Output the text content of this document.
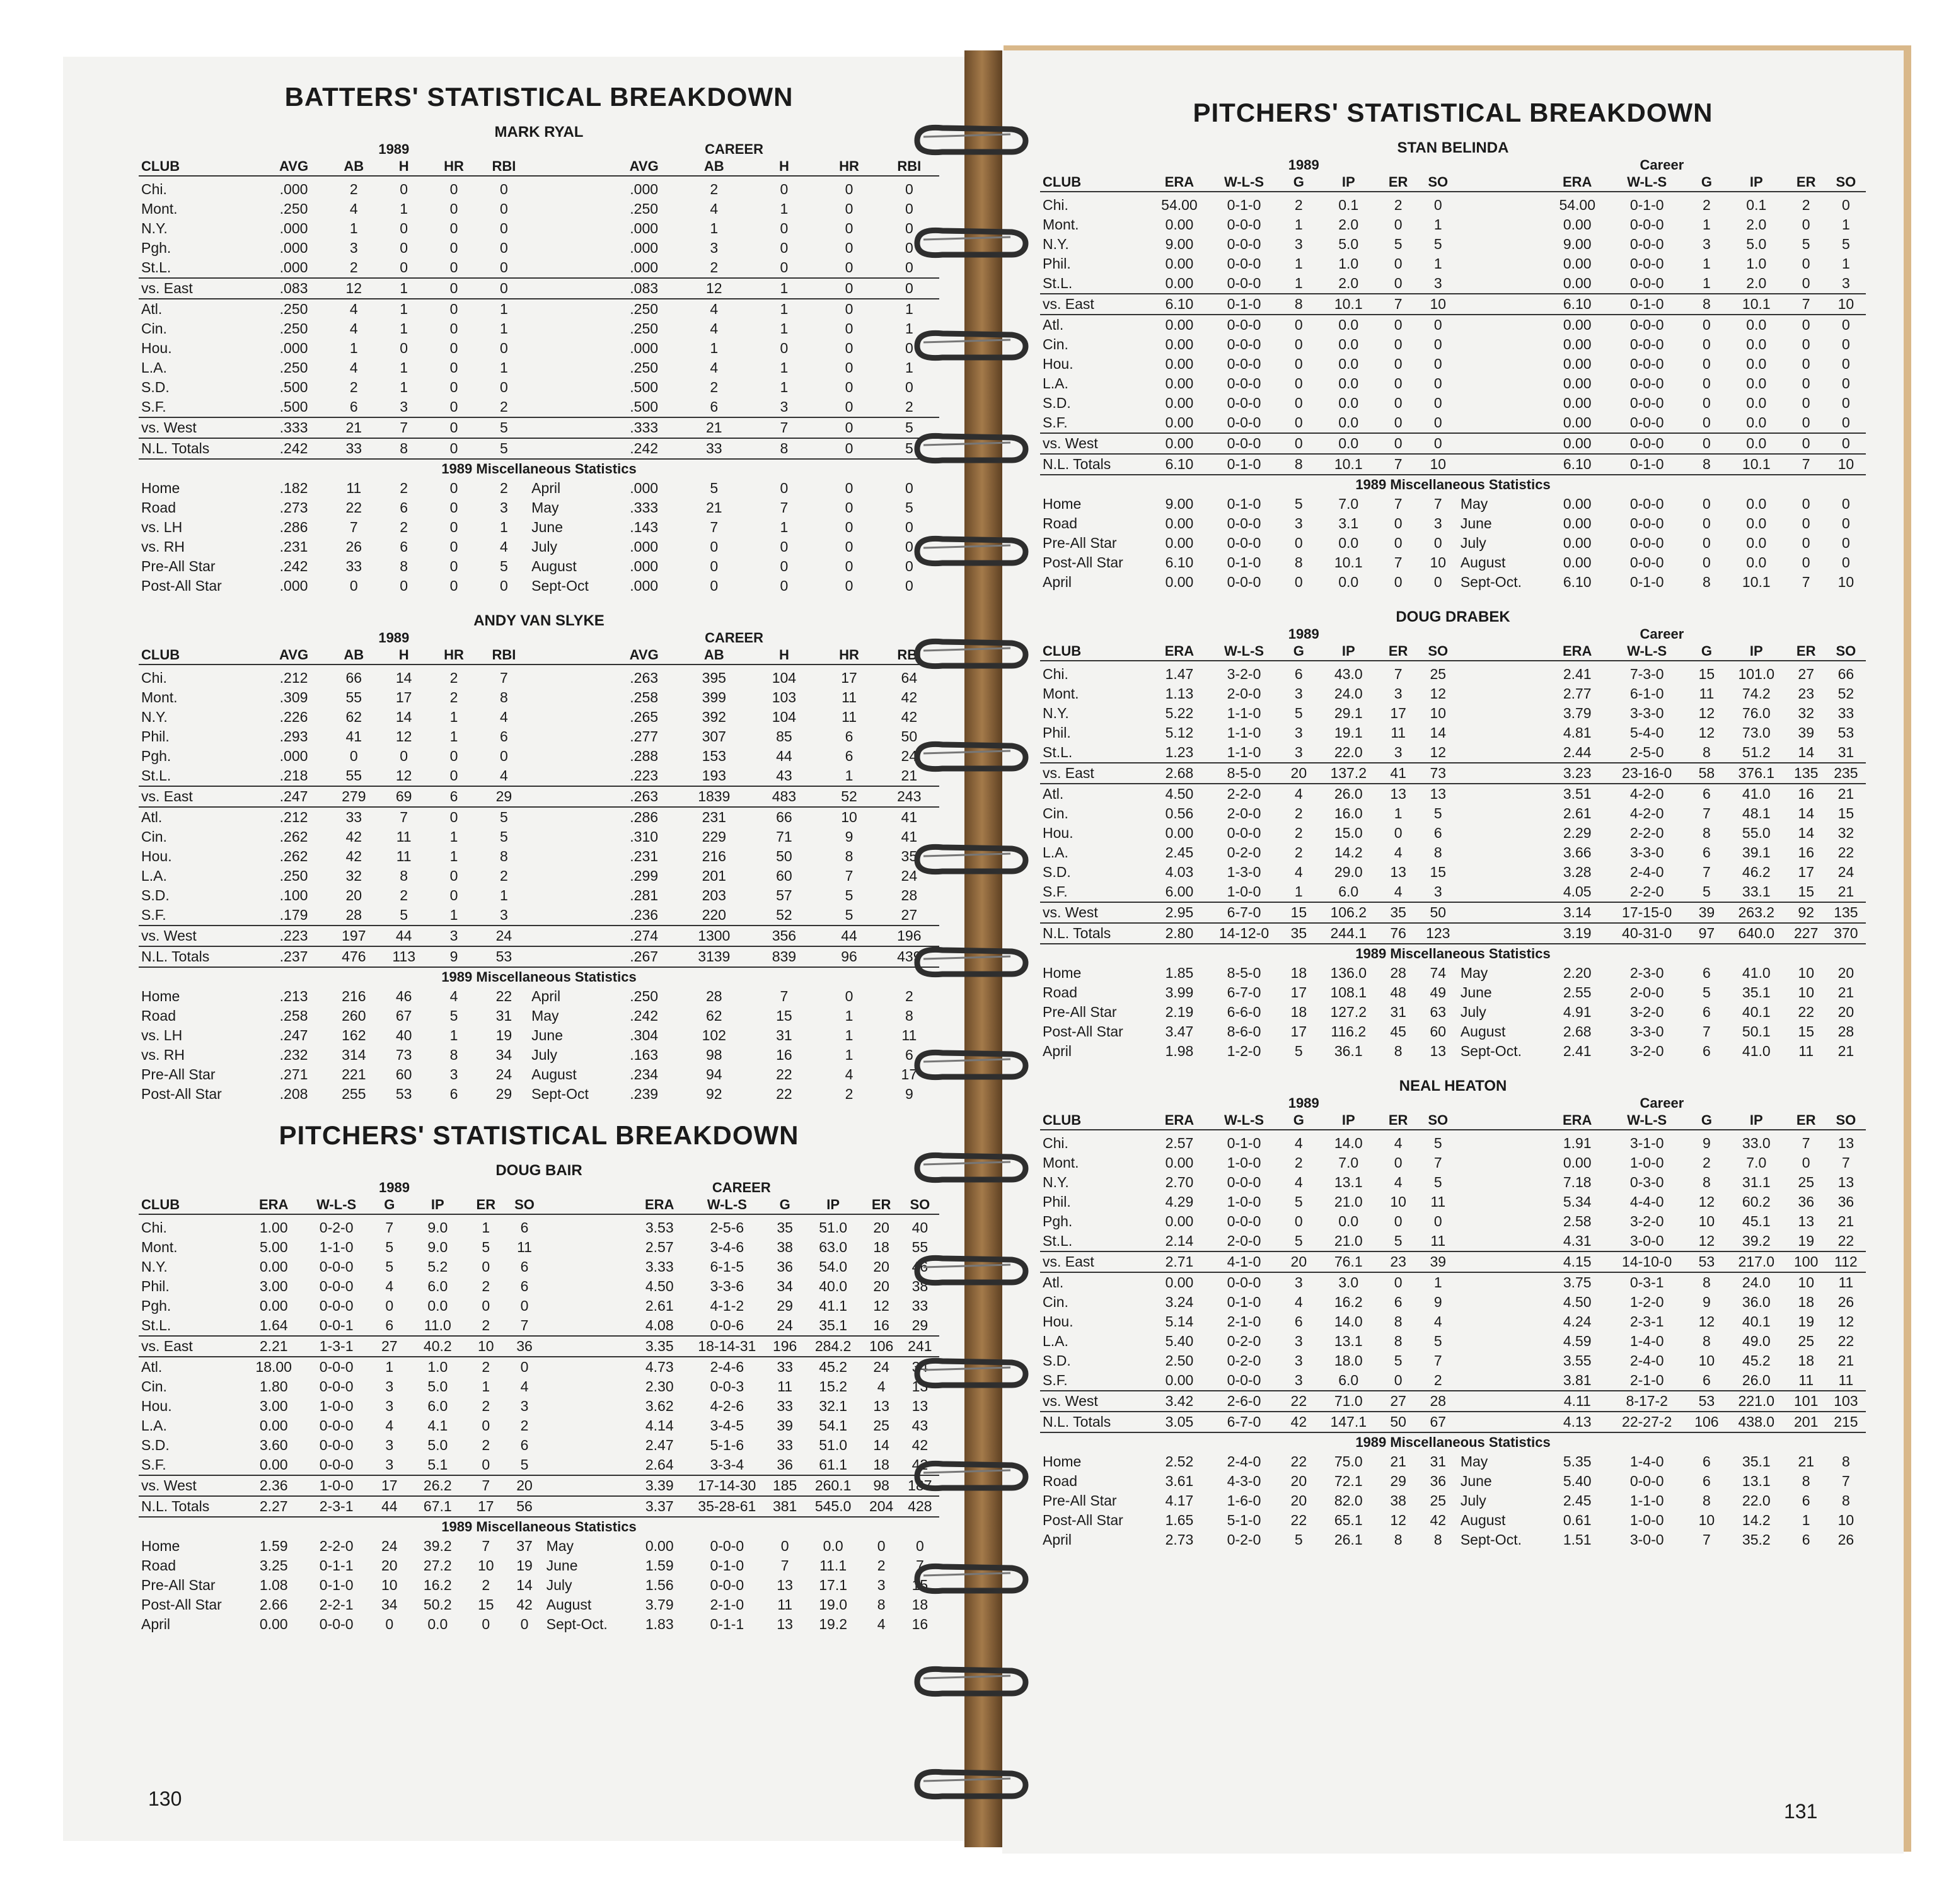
BATTERS' STATISTICAL BREAKDOWN
MARK RYAL
	1989					CAREER					
CLUB	AVG	AB	H	HR	RBI		AVG	AB	H	HR	RBI
Chi.	.000	2	0	0	0		.000	2	0	0	0
Mont.	.250	4	1	0	0		.250	4	1	0	0
N.Y.	.000	1	0	0	0		.000	1	0	0	0
Pgh.	.000	3	0	0	0		.000	3	0	0	0
St.L.	.000	2	0	0	0		.000	2	0	0	0
vs. East	.083	12	1	0	0		.083	12	1	0	0
Atl.	.250	4	1	0	1		.250	4	1	0	1
Cin.	.250	4	1	0	1		.250	4	1	0	1
Hou.	.000	1	0	0	0		.000	1	0	0	0
L.A.	.250	4	1	0	1		.250	4	1	0	1
S.D.	.500	2	1	0	0		.500	2	1	0	0
S.F.	.500	6	3	0	2		.500	6	3	0	2
vs. West	.333	21	7	0	5		.333	21	7	0	5
N.L. Totals	.242	33	8	0	5		.242	33	8	0	5
1989 Miscellaneous Statistics											
Home	.182	11	2	0	2	April	.000	5	0	0	0
Road	.273	22	6	0	3	May	.333	21	7	0	5
vs. LH	.286	7	2	0	1	June	.143	7	1	0	0
vs. RH	.231	26	6	0	4	July	.000	0	0	0	0
Pre-All Star	.242	33	8	0	5	August	.000	0	0	0	0
Post-All Star	.000	0	0	0	0	Sept-Oct	.000	0	0	0	0
ANDY VAN SLYKE
	1989					CAREER					
CLUB	AVG	AB	H	HR	RBI		AVG	AB	H	HR	RBI
Chi.	.212	66	14	2	7		.263	395	104	17	64
Mont.	.309	55	17	2	8		.258	399	103	11	42
N.Y.	.226	62	14	1	4		.265	392	104	11	42
Phil.	.293	41	12	1	6		.277	307	85	6	50
Pgh.	.000	0	0	0	0		.288	153	44	6	24
St.L.	.218	55	12	0	4		.223	193	43	1	21
vs. East	.247	279	69	6	29		.263	1839	483	52	243
Atl.	.212	33	7	0	5		.286	231	66	10	41
Cin.	.262	42	11	1	5		.310	229	71	9	41
Hou.	.262	42	11	1	8		.231	216	50	8	35
L.A.	.250	32	8	0	2		.299	201	60	7	24
S.D.	.100	20	2	0	1		.281	203	57	5	28
S.F.	.179	28	5	1	3		.236	220	52	5	27
vs. West	.223	197	44	3	24		.274	1300	356	44	196
N.L. Totals	.237	476	113	9	53		.267	3139	839	96	439
1989 Miscellaneous Statistics											
Home	.213	216	46	4	22	April	.250	28	7	0	2
Road	.258	260	67	5	31	May	.242	62	15	1	8
vs. LH	.247	162	40	1	19	June	.304	102	31	1	11
vs. RH	.232	314	73	8	34	July	.163	98	16	1	6
Pre-All Star	.271	221	60	3	24	August	.234	94	22	4	17
Post-All Star	.208	255	53	6	29	Sept-Oct	.239	92	22	2	9
PITCHERS' STATISTICAL BREAKDOWN
DOUG BAIR
	1989						CAREER						
CLUB	ERA	W-L-S	G	IP	ER	SO		ERA	W-L-S	G	IP	ER	SO
Chi.	1.00	0-2-0	7	9.0	1	6		3.53	2-5-6	35	51.0	20	40
Mont.	5.00	1-1-0	5	9.0	5	11		2.57	3-4-6	38	63.0	18	55
N.Y.	0.00	0-0-0	5	5.2	0	6		3.33	6-1-5	36	54.0	20	46
Phil.	3.00	0-0-0	4	6.0	2	6		4.50	3-3-6	34	40.0	20	38
Pgh.	0.00	0-0-0	0	0.0	0	0		2.61	4-1-2	29	41.1	12	33
St.L.	1.64	0-0-1	6	11.0	2	7		4.08	0-0-6	24	35.1	16	29
vs. East	2.21	1-3-1	27	40.2	10	36		3.35	18-14-31	196	284.2	106	241
Atl.	18.00	0-0-0	1	1.0	2	0		4.73	2-4-6	33	45.2	24	34
Cin.	1.80	0-0-0	3	5.0	1	4		2.30	0-0-3	11	15.2	4	13
Hou.	3.00	1-0-0	3	6.0	2	3		3.62	4-2-6	33	32.1	13	13
L.A.	0.00	0-0-0	4	4.1	0	2		4.14	3-4-5	39	54.1	25	43
S.D.	3.60	0-0-0	3	5.0	2	6		2.47	5-1-6	33	51.0	14	42
S.F.	0.00	0-0-0	3	5.1	0	5		2.64	3-3-4	36	61.1	18	42
vs. West	2.36	1-0-0	17	26.2	7	20		3.39	17-14-30	185	260.1	98	187
N.L. Totals	2.27	2-3-1	44	67.1	17	56		3.37	35-28-61	381	545.0	204	428
1989 Miscellaneous Statistics													
Home	1.59	2-2-0	24	39.2	7	37	May	0.00	0-0-0	0	0.0	0	0
Road	3.25	0-1-1	20	27.2	10	19	June	1.59	0-1-0	7	11.1	2	7
Pre-All Star	1.08	0-1-0	10	16.2	2	14	July	1.56	0-0-0	13	17.1	3	15
Post-All Star	2.66	2-2-1	34	50.2	15	42	August	3.79	2-1-0	11	19.0	8	18
April	0.00	0-0-0	0	0.0	0	0	Sept-Oct.	1.83	0-1-1	13	19.2	4	16
130
PITCHERS' STATISTICAL BREAKDOWN
STAN BELINDA
	1989						Career						
CLUB	ERA	W-L-S	G	IP	ER	SO		ERA	W-L-S	G	IP	ER	SO
Chi.	54.00	0-1-0	2	0.1	2	0		54.00	0-1-0	2	0.1	2	0
Mont.	0.00	0-0-0	1	2.0	0	1		0.00	0-0-0	1	2.0	0	1
N.Y.	9.00	0-0-0	3	5.0	5	5		9.00	0-0-0	3	5.0	5	5
Phil.	0.00	0-0-0	1	1.0	0	1		0.00	0-0-0	1	1.0	0	1
St.L.	0.00	0-0-0	1	2.0	0	3		0.00	0-0-0	1	2.0	0	3
vs. East	6.10	0-1-0	8	10.1	7	10		6.10	0-1-0	8	10.1	7	10
Atl.	0.00	0-0-0	0	0.0	0	0		0.00	0-0-0	0	0.0	0	0
Cin.	0.00	0-0-0	0	0.0	0	0		0.00	0-0-0	0	0.0	0	0
Hou.	0.00	0-0-0	0	0.0	0	0		0.00	0-0-0	0	0.0	0	0
L.A.	0.00	0-0-0	0	0.0	0	0		0.00	0-0-0	0	0.0	0	0
S.D.	0.00	0-0-0	0	0.0	0	0		0.00	0-0-0	0	0.0	0	0
S.F.	0.00	0-0-0	0	0.0	0	0		0.00	0-0-0	0	0.0	0	0
vs. West	0.00	0-0-0	0	0.0	0	0		0.00	0-0-0	0	0.0	0	0
N.L. Totals	6.10	0-1-0	8	10.1	7	10		6.10	0-1-0	8	10.1	7	10
1989 Miscellaneous Statistics													
Home	9.00	0-1-0	5	7.0	7	7	May	0.00	0-0-0	0	0.0	0	0
Road	0.00	0-0-0	3	3.1	0	3	June	0.00	0-0-0	0	0.0	0	0
Pre-All Star	0.00	0-0-0	0	0.0	0	0	July	0.00	0-0-0	0	0.0	0	0
Post-All Star	6.10	0-1-0	8	10.1	7	10	August	0.00	0-0-0	0	0.0	0	0
April	0.00	0-0-0	0	0.0	0	0	Sept-Oct.	6.10	0-1-0	8	10.1	7	10
DOUG DRABEK
	1989						Career						
CLUB	ERA	W-L-S	G	IP	ER	SO		ERA	W-L-S	G	IP	ER	SO
Chi.	1.47	3-2-0	6	43.0	7	25		2.41	7-3-0	15	101.0	27	66
Mont.	1.13	2-0-0	3	24.0	3	12		2.77	6-1-0	11	74.2	23	52
N.Y.	5.22	1-1-0	5	29.1	17	10		3.79	3-3-0	12	76.0	32	33
Phil.	5.12	1-1-0	3	19.1	11	14		4.81	5-4-0	12	73.0	39	53
St.L.	1.23	1-1-0	3	22.0	3	12		2.44	2-5-0	8	51.2	14	31
vs. East	2.68	8-5-0	20	137.2	41	73		3.23	23-16-0	58	376.1	135	235
Atl.	4.50	2-2-0	4	26.0	13	13		3.51	4-2-0	6	41.0	16	21
Cin.	0.56	2-0-0	2	16.0	1	5		2.61	4-2-0	7	48.1	14	15
Hou.	0.00	0-0-0	2	15.0	0	6		2.29	2-2-0	8	55.0	14	32
L.A.	2.45	0-2-0	2	14.2	4	8		3.66	3-3-0	6	39.1	16	22
S.D.	4.03	1-3-0	4	29.0	13	15		3.28	2-4-0	7	46.2	17	24
S.F.	6.00	1-0-0	1	6.0	4	3		4.05	2-2-0	5	33.1	15	21
vs. West	2.95	6-7-0	15	106.2	35	50		3.14	17-15-0	39	263.2	92	135
N.L. Totals	2.80	14-12-0	35	244.1	76	123		3.19	40-31-0	97	640.0	227	370
1989 Miscellaneous Statistics													
Home	1.85	8-5-0	18	136.0	28	74	May	2.20	2-3-0	6	41.0	10	20
Road	3.99	6-7-0	17	108.1	48	49	June	2.55	2-0-0	5	35.1	10	21
Pre-All Star	2.19	6-6-0	18	127.2	31	63	July	4.91	3-2-0	6	40.1	22	20
Post-All Star	3.47	8-6-0	17	116.2	45	60	August	2.68	3-3-0	7	50.1	15	28
April	1.98	1-2-0	5	36.1	8	13	Sept-Oct.	2.41	3-2-0	6	41.0	11	21
NEAL HEATON
	1989						Career						
CLUB	ERA	W-L-S	G	IP	ER	SO		ERA	W-L-S	G	IP	ER	SO
Chi.	2.57	0-1-0	4	14.0	4	5		1.91	3-1-0	9	33.0	7	13
Mont.	0.00	1-0-0	2	7.0	0	7		0.00	1-0-0	2	7.0	0	7
N.Y.	2.70	0-0-0	4	13.1	4	5		7.18	0-3-0	8	31.1	25	13
Phil.	4.29	1-0-0	5	21.0	10	11		5.34	4-4-0	12	60.2	36	36
Pgh.	0.00	0-0-0	0	0.0	0	0		2.58	3-2-0	10	45.1	13	21
St.L.	2.14	2-0-0	5	21.0	5	11		4.31	3-0-0	12	39.2	19	22
vs. East	2.71	4-1-0	20	76.1	23	39		4.15	14-10-0	53	217.0	100	112
Atl.	0.00	0-0-0	3	3.0	0	1		3.75	0-3-1	8	24.0	10	11
Cin.	3.24	0-1-0	4	16.2	6	9		4.50	1-2-0	9	36.0	18	26
Hou.	5.14	2-1-0	6	14.0	8	4		4.24	2-3-1	12	40.1	19	12
L.A.	5.40	0-2-0	3	13.1	8	5		4.59	1-4-0	8	49.0	25	22
S.D.	2.50	0-2-0	3	18.0	5	7		3.55	2-4-0	10	45.2	18	21
S.F.	0.00	0-0-0	3	6.0	0	2		3.81	2-1-0	6	26.0	11	11
vs. West	3.42	2-6-0	22	71.0	27	28		4.11	8-17-2	53	221.0	101	103
N.L. Totals	3.05	6-7-0	42	147.1	50	67		4.13	22-27-2	106	438.0	201	215
1989 Miscellaneous Statistics													
Home	2.52	2-4-0	22	75.0	21	31	May	5.35	1-4-0	6	35.1	21	8
Road	3.61	4-3-0	20	72.1	29	36	June	5.40	0-0-0	6	13.1	8	7
Pre-All Star	4.17	1-6-0	20	82.0	38	25	July	2.45	1-1-0	8	22.0	6	8
Post-All Star	1.65	5-1-0	22	65.1	12	42	August	0.61	1-0-0	10	14.2	1	10
April	2.73	0-2-0	5	26.1	8	8	Sept-Oct.	1.51	3-0-0	7	35.2	6	26
131
